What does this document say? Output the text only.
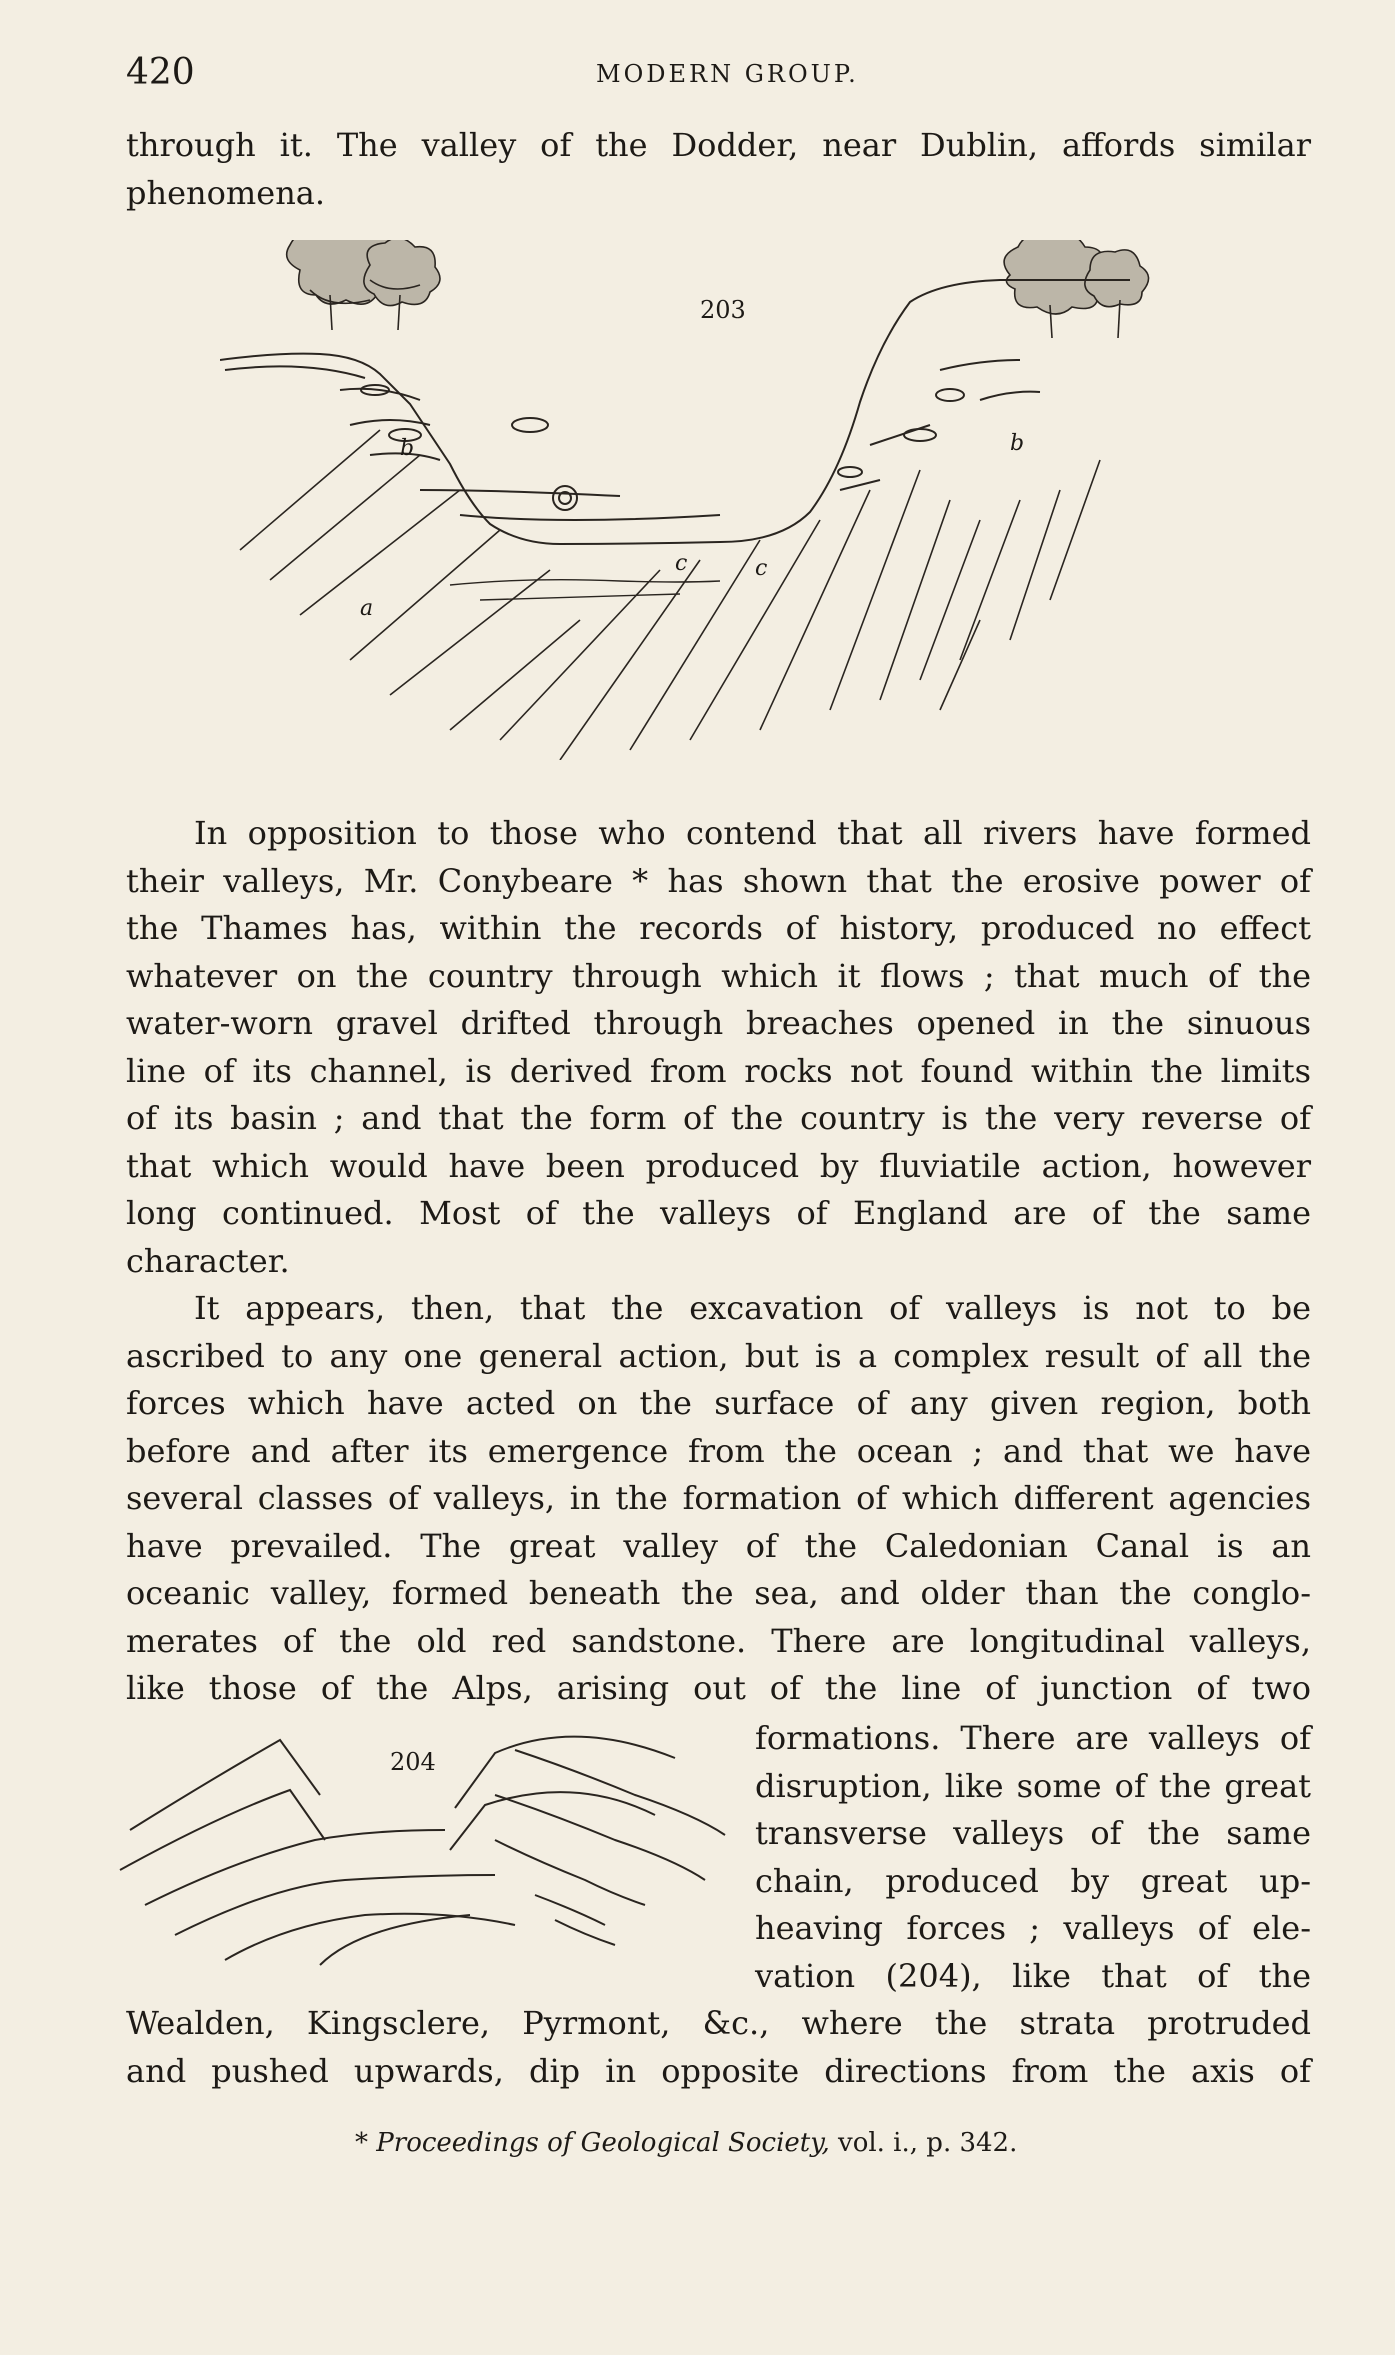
420	MODERN GROUP.
through it. The valley of the Dodder, near Dublin, affords similar
phenomena.
203
a
b	b
c	c
In opposition to those who contend that all rivers have formed
their valleys, Mr. Conybeare * has shown that the erosive power of
the Thames has, within the records of history, produced no effect
whatever on the country through which it flows ; that much of the
water-worn gravel drifted through breaches opened in the sinuous
line of its channel, is derived from rocks not found within the limits
of its basin ; and that the form of the country is the very reverse of
that which would have been produced by fluviatile action, however
long continued. Most of the valleys of England are of the same
character.
It appears, then, that the excavation of valleys is not to be
ascribed to any one general action, but is a complex result of all the
forces which have acted on the surface of any given region, both
before and after its emergence from the ocean ; and that we have
several classes of valleys, in the formation of which different agencies
have prevailed. The great valley of the Caledonian Canal is an
oceanic valley, formed beneath the sea, and older than the conglo-
merates of the old red sandstone. There are longitudinal valleys,
like those of the Alps, arising out of the line of junction of two
204
formations. There are valleys of
disruption, like some of the great
transverse valleys of the same
chain, produced by great up-
heaving forces ; valleys of ele-
vation (204), like that of the
Wealden, Kingsclere, Pyrmont, &c., where the strata protruded
and pushed upwards, dip in opposite directions from the axis of
* Proceedings of Geological Society, vol. i., p. 342.
